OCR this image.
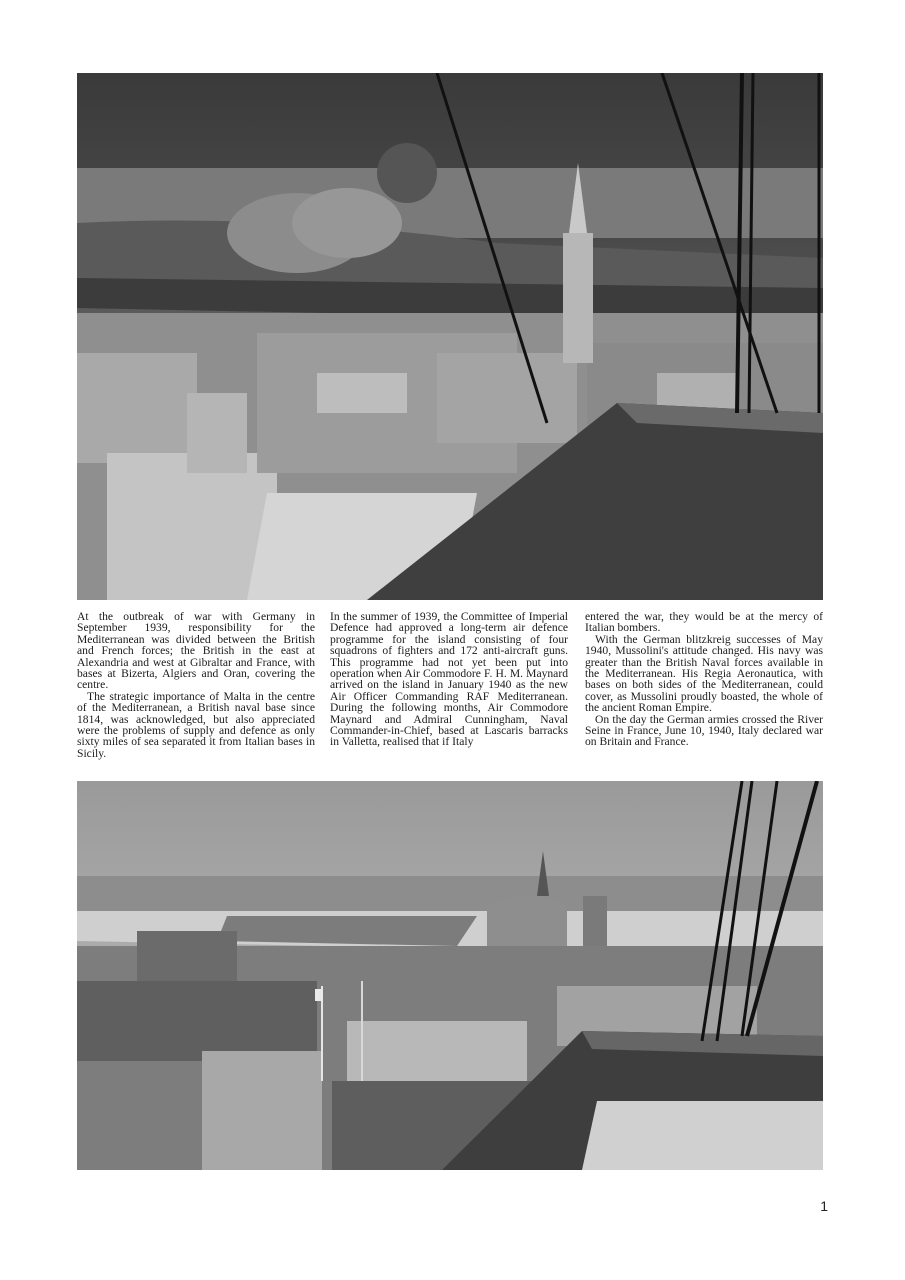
At the outbreak of war with Germany in September 1939, responsibility for the Mediterranean was divided between the British and French forces; the British in the east at Alexandria and west at Gibraltar and France, with bases at Bizerta, Algiers and Oran, covering the centre.

The strategic importance of Malta in the centre of the Mediterranean, a British naval base since 1814, was acknowledged, but also appreciated were the problems of supply and defence as only sixty miles of sea separated it from Italian bases in Sicily.

In the summer of 1939, the Committee of Imperial Defence had approved a long-term air defence programme for the island consisting of four squadrons of fighters and 172 anti-aircraft guns. This programme had not yet been put into operation when Air Commodore F. H. M. Maynard arrived on the island in January 1940 as the new Air Officer Commanding RAF Mediterranean. During the following months, Air Commodore Maynard and Admiral Cunningham, Naval Commander-in-Chief, based at Lascaris barracks in Valletta, realised that if Italy

entered the war, they would be at the mercy of Italian bombers.

With the German blitzkreig successes of May 1940, Mussolini's attitude changed. His navy was greater than the British Naval forces available in the Mediterranean. His Regia Aeronautica, with bases on both sides of the Mediterranean, could cover, as Mussolini proudly boasted, the whole of the ancient Roman Empire.

On the day the German armies crossed the River Seine in France, June 10, 1940, Italy declared war on Britain and France.

1
